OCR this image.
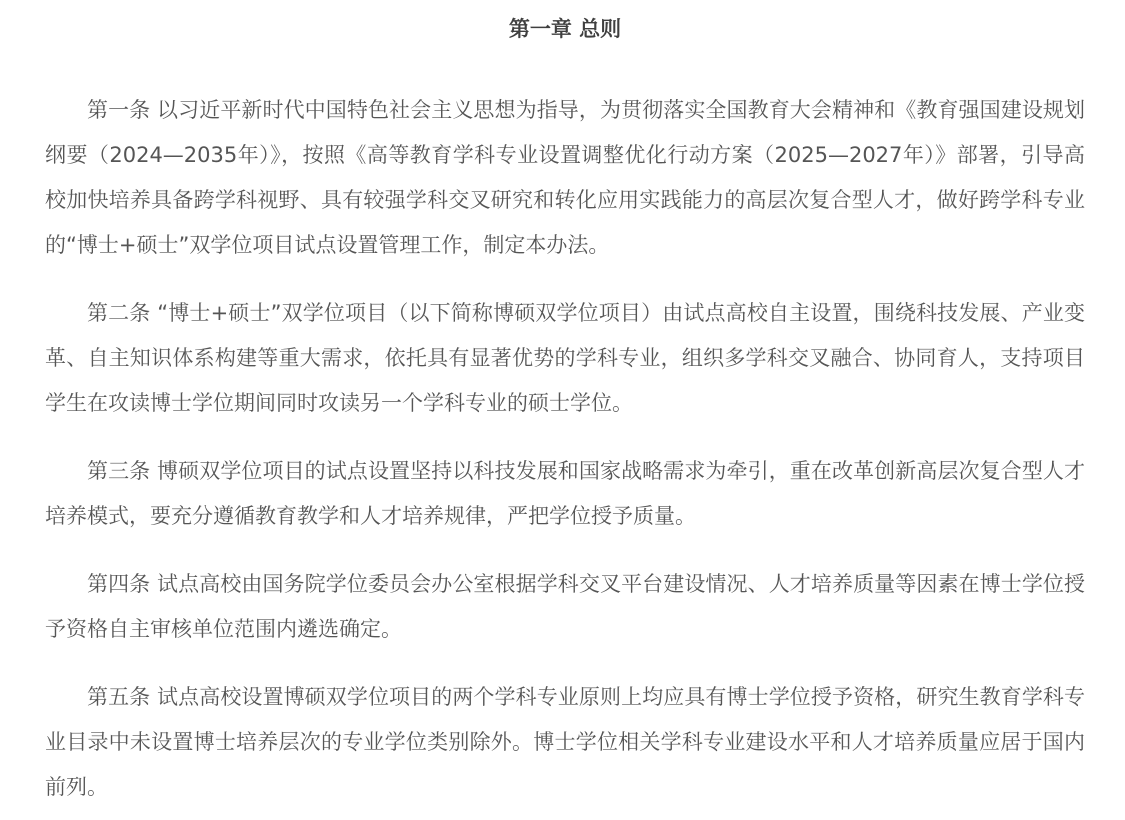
第一章 总则

第一条 以习近平新时代中国特色社会主义思想为指导，为贯彻落实全国教育大会精神和《教育强国建设规划纲要（2024—2035年）》，按照《高等教育学科专业设置调整优化行动方案（2025—2027年）》部署，引导高校加快培养具备跨学科视野、具有较强学科交叉研究和转化应用实践能力的高层次复合型人才，做好跨学科专业的“博士+硕士”双学位项目试点设置管理工作，制定本办法。

第二条 “博士+硕士”双学位项目（以下简称博硕双学位项目）由试点高校自主设置，围绕科技发展、产业变革、自主知识体系构建等重大需求，依托具有显著优势的学科专业，组织多学科交叉融合、协同育人，支持项目学生在攻读博士学位期间同时攻读另一个学科专业的硕士学位。

第三条 博硕双学位项目的试点设置坚持以科技发展和国家战略需求为牵引，重在改革创新高层次复合型人才培养模式，要充分遵循教育教学和人才培养规律，严把学位授予质量。

第四条 试点高校由国务院学位委员会办公室根据学科交叉平台建设情况、人才培养质量等因素在博士学位授予资格自主审核单位范围内遴选确定。

第五条 试点高校设置博硕双学位项目的两个学科专业原则上均应具有博士学位授予资格，研究生教育学科专业目录中未设置博士培养层次的专业学位类别除外。博士学位相关学科专业建设水平和人才培养质量应居于国内前列。
